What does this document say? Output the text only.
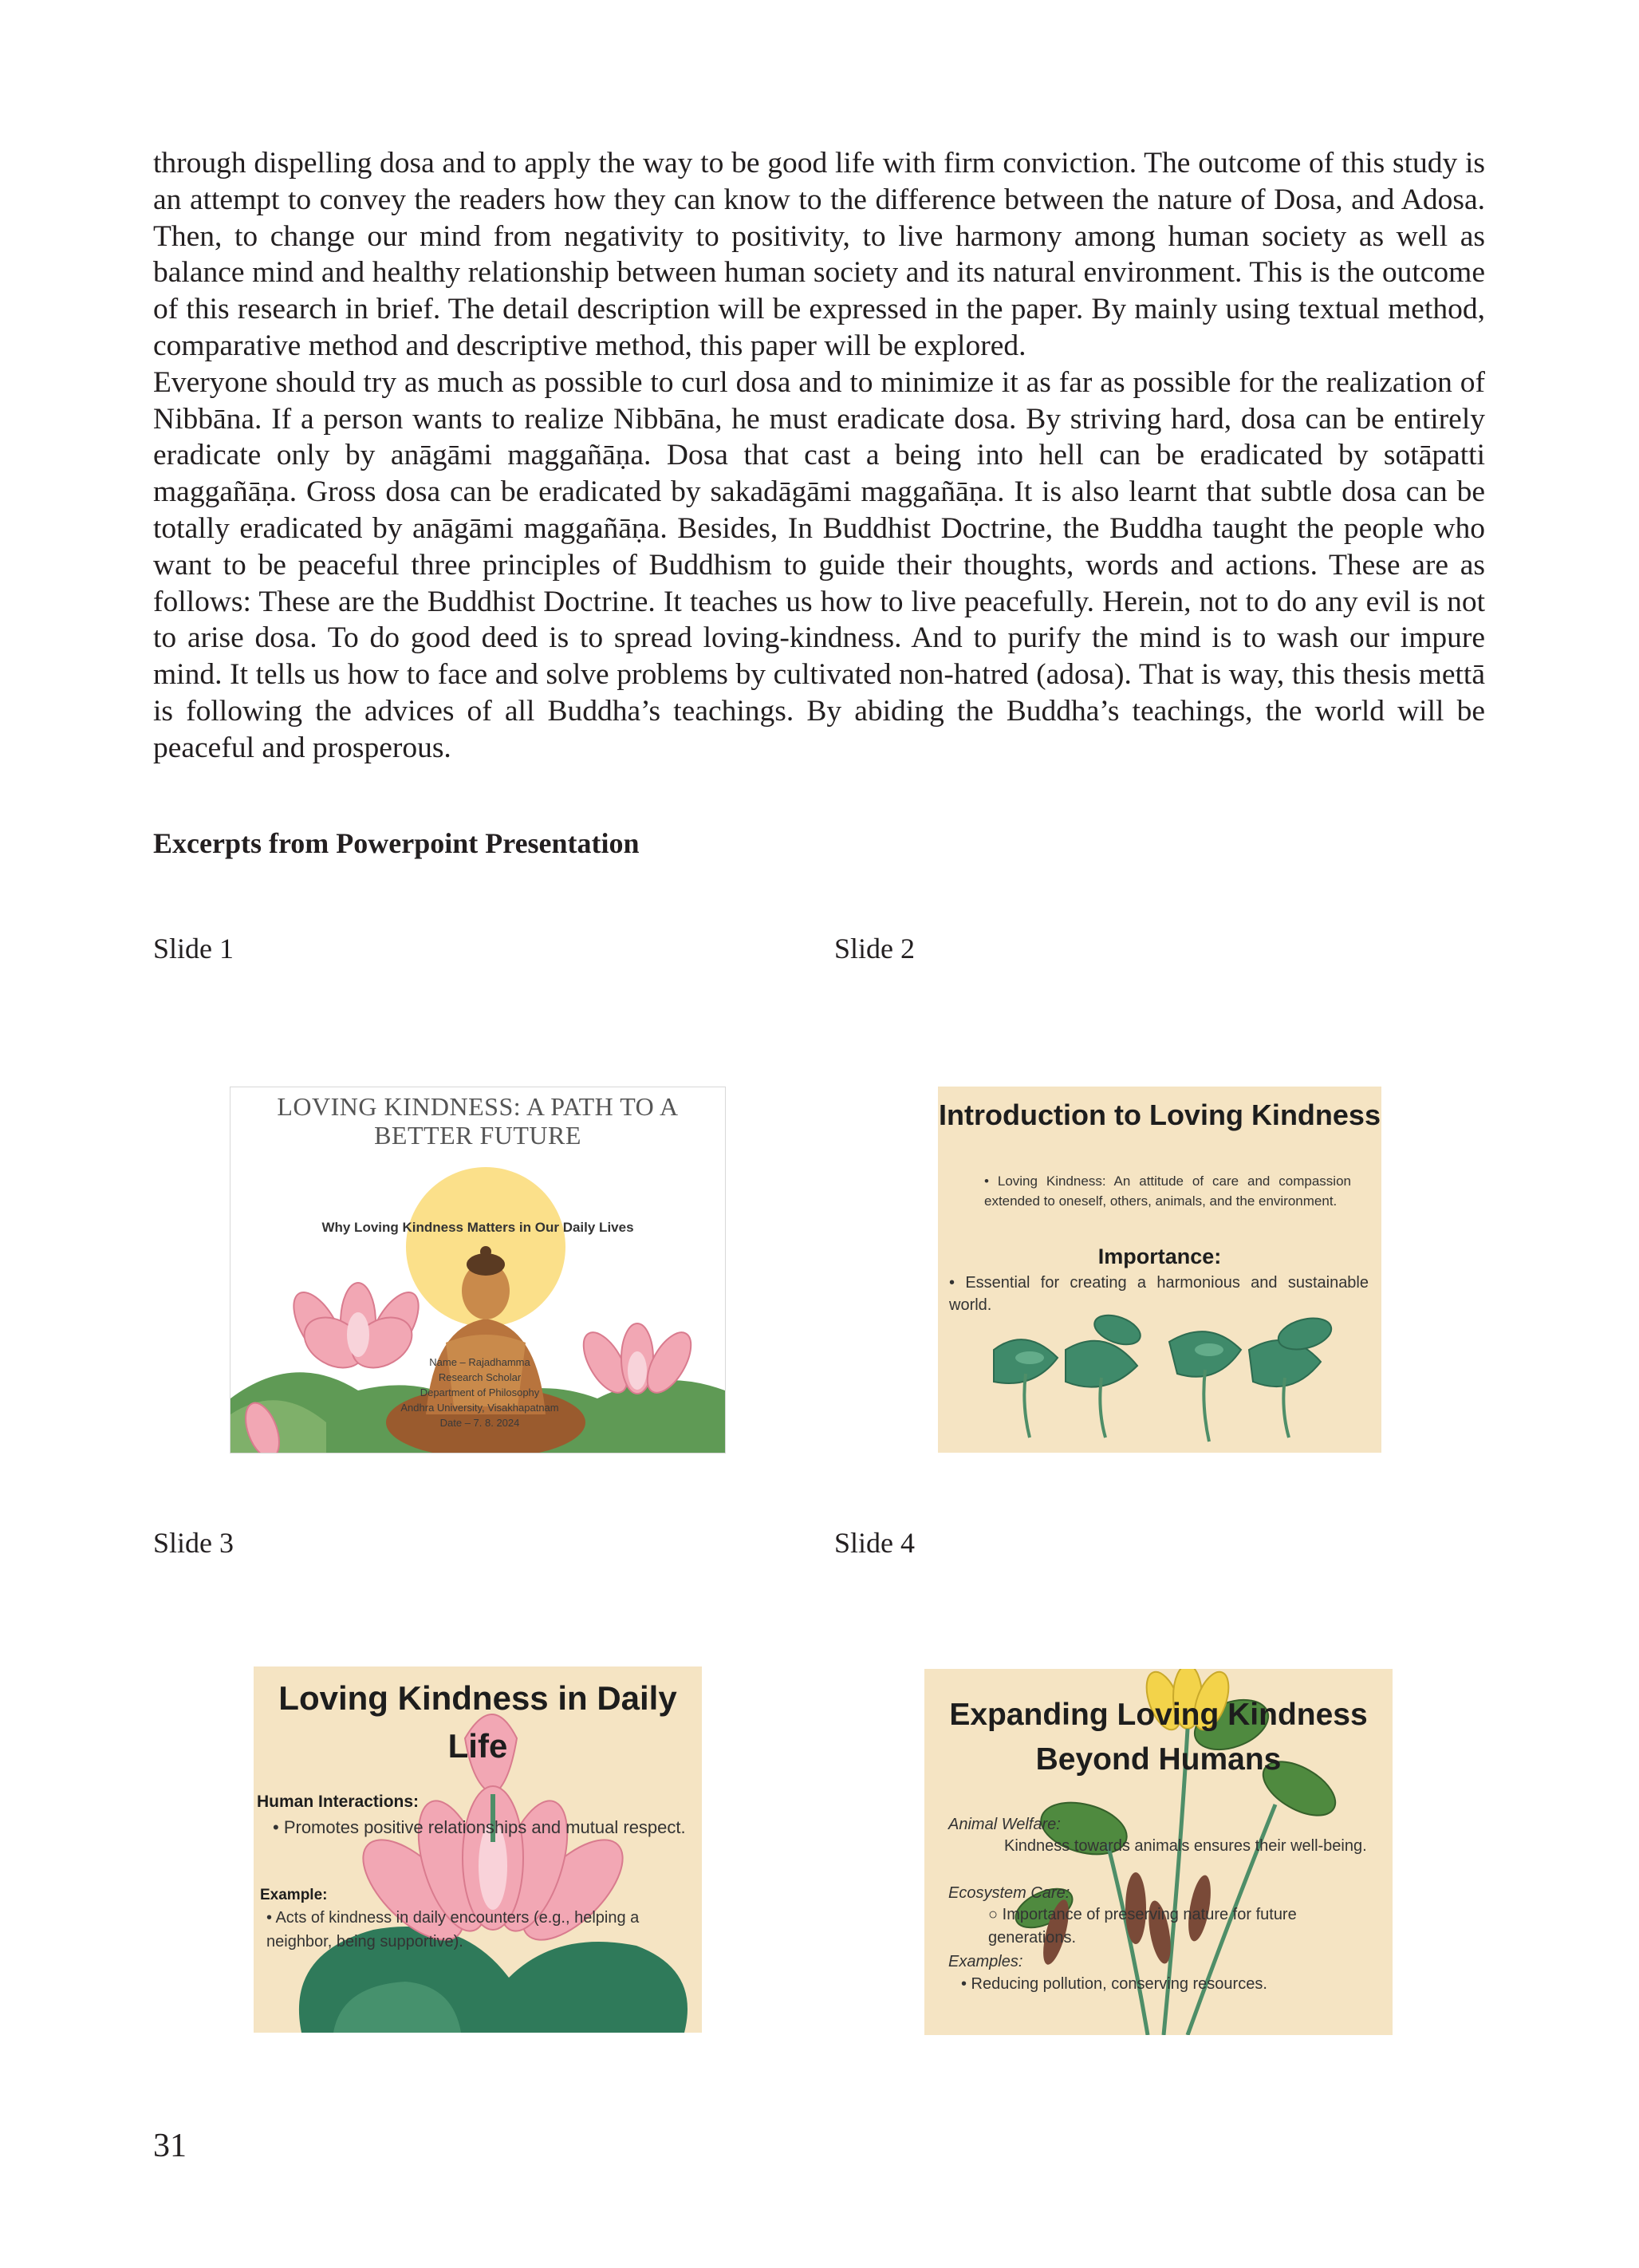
through dispelling dosa and to apply the way to be good life with firm conviction. The outcome of this study is an attempt to convey the readers how they can know to the difference between the nature of Dosa, and Adosa. Then, to change our mind from negativity to positivity, to live harmony among human society as well as balance mind and healthy relationship between human society and its natural environment. This is the outcome of this research in brief. The detail description will be expressed in the paper. By mainly using textual method, comparative method and descriptive method, this paper will be explored.

Everyone should try as much as possible to curl dosa and to minimize it as far as possible for the realization of Nibbāna. If a person wants to realize Nibbāna, he must eradicate dosa. By striving hard, dosa can be entirely eradicate only by anāgāmi maggañāṇa. Dosa that cast a being into hell can be eradicated by sotāpatti maggañāṇa. Gross dosa can be eradicated by sakadāgāmi maggañāṇa. It is also learnt that subtle dosa can be totally eradicated by anāgāmi maggañāṇa. Besides, In Buddhist Doctrine, the Buddha taught the people who want to be peaceful three principles of Buddhism to guide their thoughts, words and actions. These are as follows: These are the Buddhist Doctrine. It teaches us how to live peacefully. Herein, not to do any evil is not to arise dosa. To do good deed is to spread loving-kindness. And to purify the mind is to wash our impure mind. It tells us how to face and solve problems by cultivated non-hatred (adosa). That is way, this thesis mettā is following the advices of all Buddha’s teachings. By abiding the Buddha’s teachings, the world will be peaceful and prosperous.

Excerpts from Powerpoint Presentation
Slide 1	Slide 2
Slide 3	Slide 4
LOVING KINDNESS: A PATH TO A BETTER FUTURE
Why Loving Kindness Matters in Our Daily Lives
Name – Rajadhamma
Research Scholar
Department of Philosophy
Andhra University, Visakhapatnam
Date – 7. 8. 2024
Introduction to Loving Kindness
• Loving Kindness: An attitude of care and compassion extended to oneself, others, animals, and the environment.
Importance:
• Essential for creating a harmonious and sustainable world.
Loving Kindness in Daily Life
Human Interactions:
• Promotes positive relationships and mutual respect.
Example:
• Acts of kindness in daily encounters (e.g., helping a neighbor, being supportive).
Expanding Loving Kindness Beyond Humans
Animal Welfare:
Kindness towards animals ensures their well-being.
Ecosystem Care:
○ Importance of preserving nature for future generations.
Examples:
• Reducing pollution, conserving resources.
31
